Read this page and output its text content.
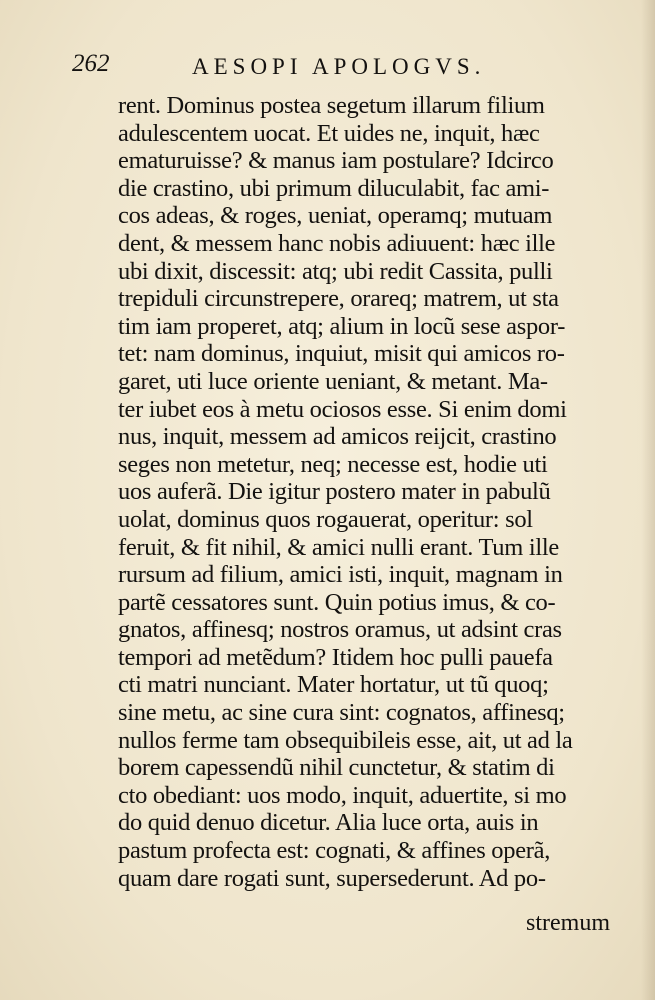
262	AESOPI APOLOGVS.
rent. Dominus postea segetum illarum filium
adulescentem uocat. Et uides ne, inquit, hæc
ematuruisse? & manus iam postulare? Idcirco
die crastino, ubi primum diluculabit, fac ami-
cos adeas, & roges, ueniat, operamq; mutuam
dent, & messem hanc nobis adiuuent: hæc ille
ubi dixit, discessit: atq; ubi redit Cassita, pulli
trepiduli circunstrepere, orareq; matrem, ut sta
tim iam properet, atq; alium in locũ sese aspor-
tet: nam dominus, inquiut, misit qui amicos ro-
garet, uti luce oriente ueniant, & metant. Ma-
ter iubet eos à metu ociosos esse. Si enim domi
nus, inquit, messem ad amicos reijcit, crastino
seges non metetur, neq; necesse est, hodie uti
uos auferã. Die igitur postero mater in pabulũ
uolat, dominus quos rogauerat, operitur: sol
feruit, & fit nihil, & amici nulli erant. Tum ille
rursum ad filium, amici isti, inquit, magnam in
partẽ cessatores sunt. Quin potius imus, & co-
gnatos, affinesq; nostros oramus, ut adsint cras
tempori ad metẽdum? Itidem hoc pulli pauefa
cti matri nunciant. Mater hortatur, ut tũ quoq;
sine metu, ac sine cura sint: cognatos, affinesq;
nullos ferme tam obsequibileis esse, ait, ut ad la
borem capessendũ nihil cunctetur, & statim di
cto obediant: uos modo, inquit, aduertite, si mo
do quid denuo dicetur. Alia luce orta, auis in
pastum profecta est: cognati, & affines operã,
quam dare rogati sunt, supersederunt. Ad po-
stremum
